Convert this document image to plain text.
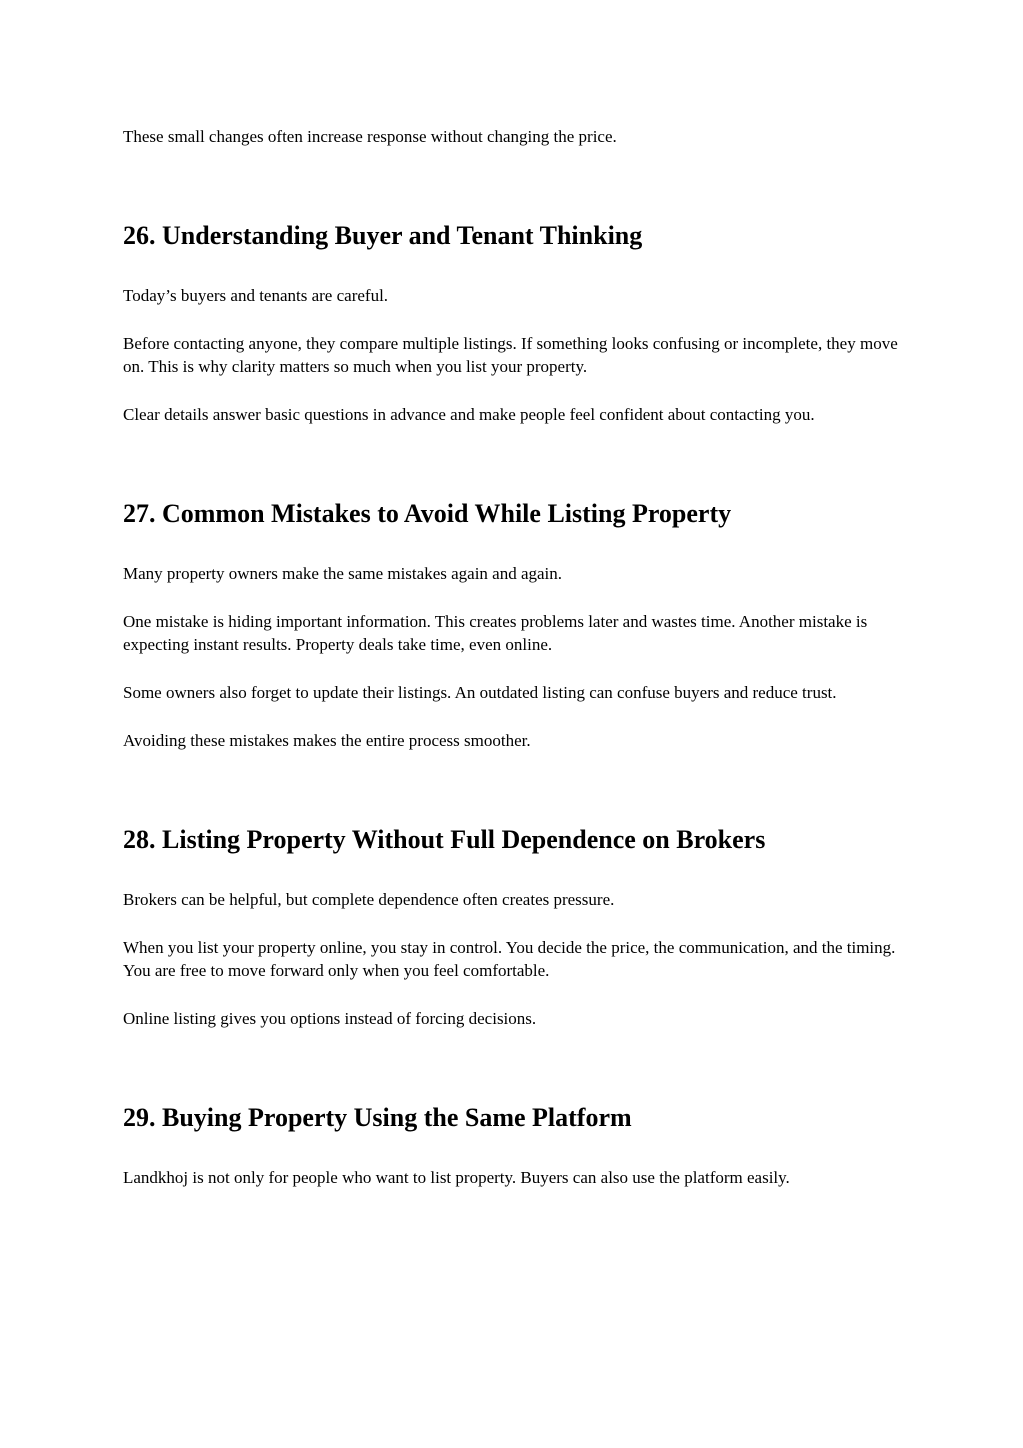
These small changes often increase response without changing the price.

26. Understanding Buyer and Tenant Thinking

Today’s buyers and tenants are careful.

Before contacting anyone, they compare multiple listings. If something looks confusing or incomplete, they move on. This is why clarity matters so much when you list your property.

Clear details answer basic questions in advance and make people feel confident about contacting you.

27. Common Mistakes to Avoid While Listing Property

Many property owners make the same mistakes again and again.

One mistake is hiding important information. This creates problems later and wastes time. Another mistake is expecting instant results. Property deals take time, even online.

Some owners also forget to update their listings. An outdated listing can confuse buyers and reduce trust.

Avoiding these mistakes makes the entire process smoother.

28. Listing Property Without Full Dependence on Brokers

Brokers can be helpful, but complete dependence often creates pressure.

When you list your property online, you stay in control. You decide the price, the communication, and the timing. You are free to move forward only when you feel comfortable.

Online listing gives you options instead of forcing decisions.

29. Buying Property Using the Same Platform

Landkhoj is not only for people who want to list property. Buyers can also use the platform easily.
